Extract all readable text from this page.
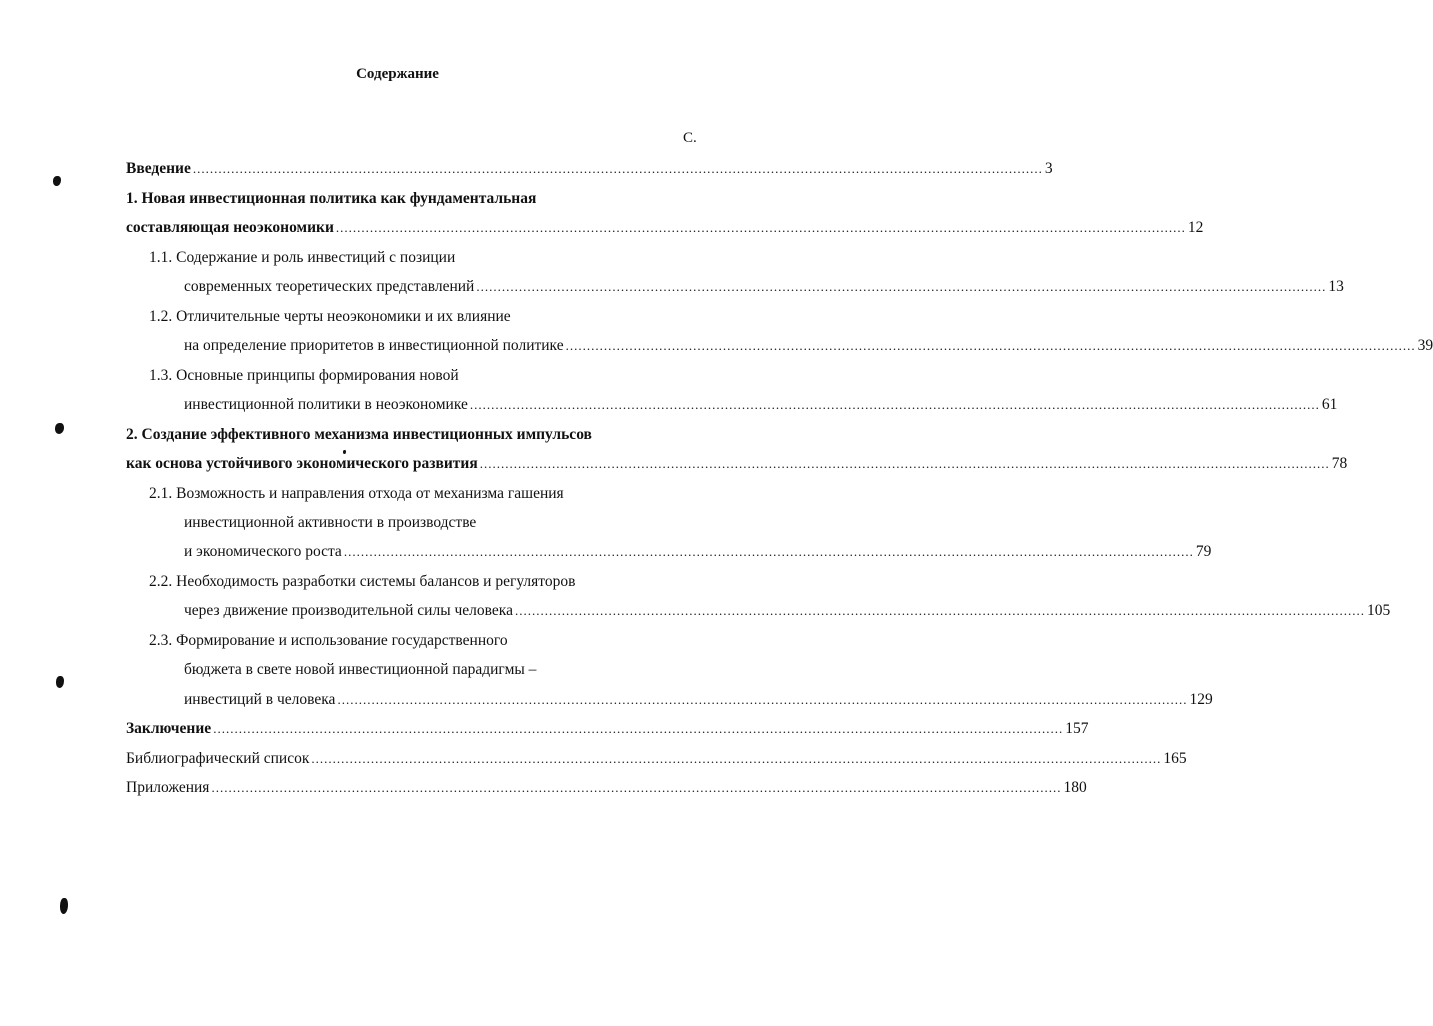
Содержание
С.
Введение ........................................................................................................................................................................................................ 3
1. Новая инвестиционная политика как фундаментальная
составляющая неоэкономики ........................................................................................................................................................................................................ 12
1.1. Содержание и роль инвестиций с позиции
современных теоретических представлений ........................................................................................................................................................................................................ 13
1.2. Отличительные черты неоэкономики и их влияние
на определение приоритетов в инвестиционной политике ........................................................................................................................................................................................................ 39
1.3. Основные принципы формирования новой
инвестиционной политики в неоэкономике ........................................................................................................................................................................................................ 61
2. Создание эффективного механизма инвестиционных импульсов
как основа устойчивого экономического развития ........................................................................................................................................................................................................ 78
2.1. Возможность и направления отхода от механизма гашения
инвестиционной активности в производстве
и экономического роста ........................................................................................................................................................................................................ 79
2.2. Необходимость разработки системы балансов и регуляторов
через движение производительной силы человека ........................................................................................................................................................................................................ 105
2.3. Формирование и использование государственного
бюджета в свете новой инвестиционной парадигмы –
инвестиций в человека ........................................................................................................................................................................................................ 129
Заключение ........................................................................................................................................................................................................ 157
Библиографический список ........................................................................................................................................................................................................ 165
Приложения ........................................................................................................................................................................................................ 180
